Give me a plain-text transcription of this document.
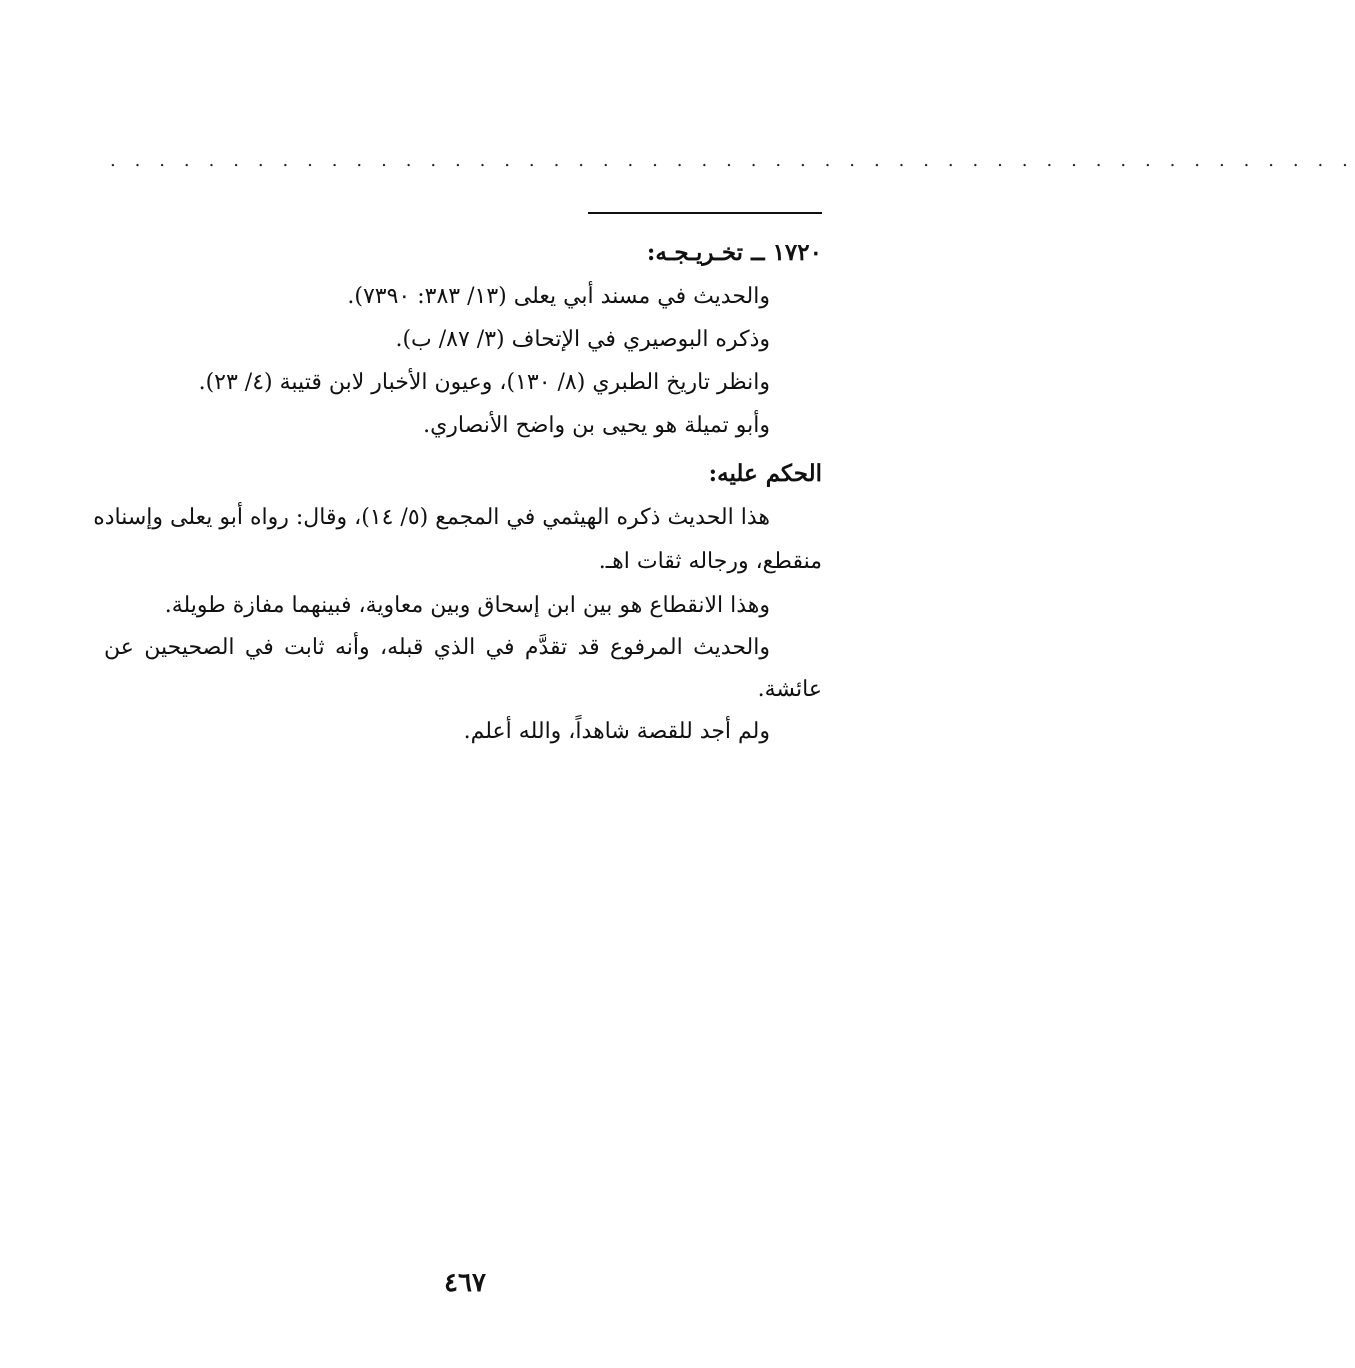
. . . . . . . . . . . . . . . . . . . . . . . . . . . . . . . . . . . . . . . . . . . . . . . . . . .
١٧٢٠ ــ تخـريـجـه:
والحديث في مسند أبي يعلى (١٣/ ٣٨٣: ٧٣٩٠).
وذكره البوصيري في الإتحاف (٣/ ٨٧/ ب).
وانظر تاريخ الطبري (٨/ ١٣٠)، وعيون الأخبار لابن قتيبة (٤/ ٢٣).
وأبو تميلة هو يحيى بن واضح الأنصاري.
الحكم عليه:
هذا الحديث ذكره الهيثمي في المجمع (٥/ ١٤)، وقال: رواه أبو يعلى وإسناده
منقطع، ورجاله ثقات اهـ.
وهذا الانقطاع هو بين ابن إسحاق وبين معاوية، فبينهما مفازة طويلة.
والحديث المرفوع قد تقدَّم في الذي قبله، وأنه ثابت في الصحيحين عن
عائشة.
ولم أجد للقصة شاهداً، والله أعلم.
٤٦٧
